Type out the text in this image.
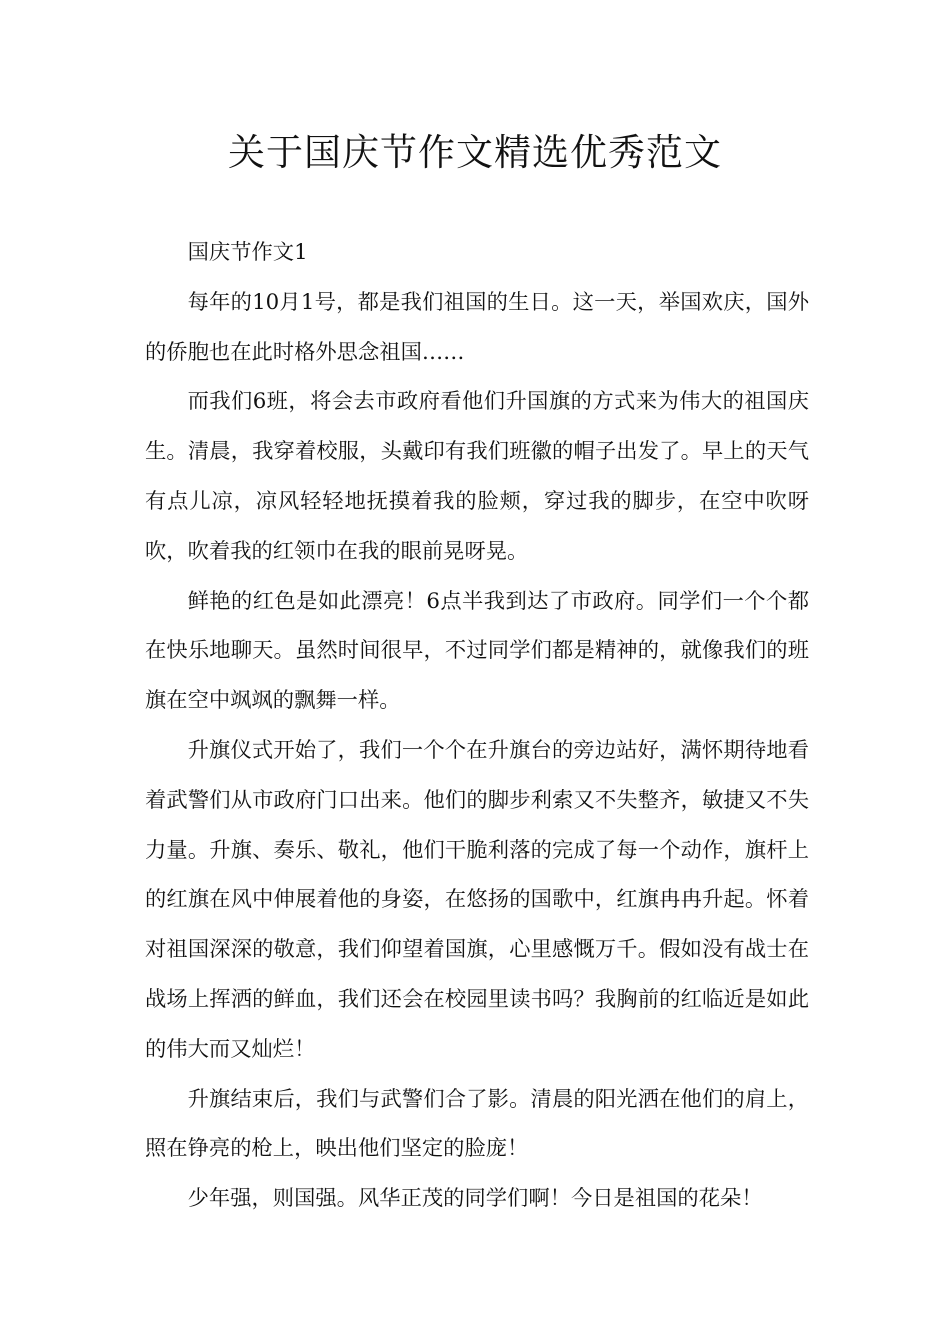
关于国庆节作文精选优秀范文

国庆节作文1

每年的10月1号，都是我们祖国的生日。这一天，举国欢庆，国外的侨胞也在此时格外思念祖国……

而我们6班，将会去市政府看他们升国旗的方式来为伟大的祖国庆生。清晨，我穿着校服，头戴印有我们班徽的帽子出发了。早上的天气有点儿凉，凉风轻轻地抚摸着我的脸颊，穿过我的脚步，在空中吹呀吹，吹着我的红领巾在我的眼前晃呀晃。

鲜艳的红色是如此漂亮！6点半我到达了市政府。同学们一个个都在快乐地聊天。虽然时间很早，不过同学们都是精神的，就像我们的班旗在空中飒飒的飘舞一样。

升旗仪式开始了，我们一个个在升旗台的旁边站好，满怀期待地看着武警们从市政府门口出来。他们的脚步利索又不失整齐，敏捷又不失力量。升旗、奏乐、敬礼，他们干脆利落的完成了每一个动作，旗杆上的红旗在风中伸展着他的身姿，在悠扬的国歌中，红旗冉冉升起。怀着对祖国深深的敬意，我们仰望着国旗，心里感慨万千。假如没有战士在战场上挥洒的鲜血，我们还会在校园里读书吗？我胸前的红临近是如此的伟大而又灿烂！

升旗结束后，我们与武警们合了影。清晨的阳光洒在他们的肩上，照在铮亮的枪上，映出他们坚定的脸庞！

少年强，则国强。风华正茂的同学们啊！今日是祖国的花朵！
